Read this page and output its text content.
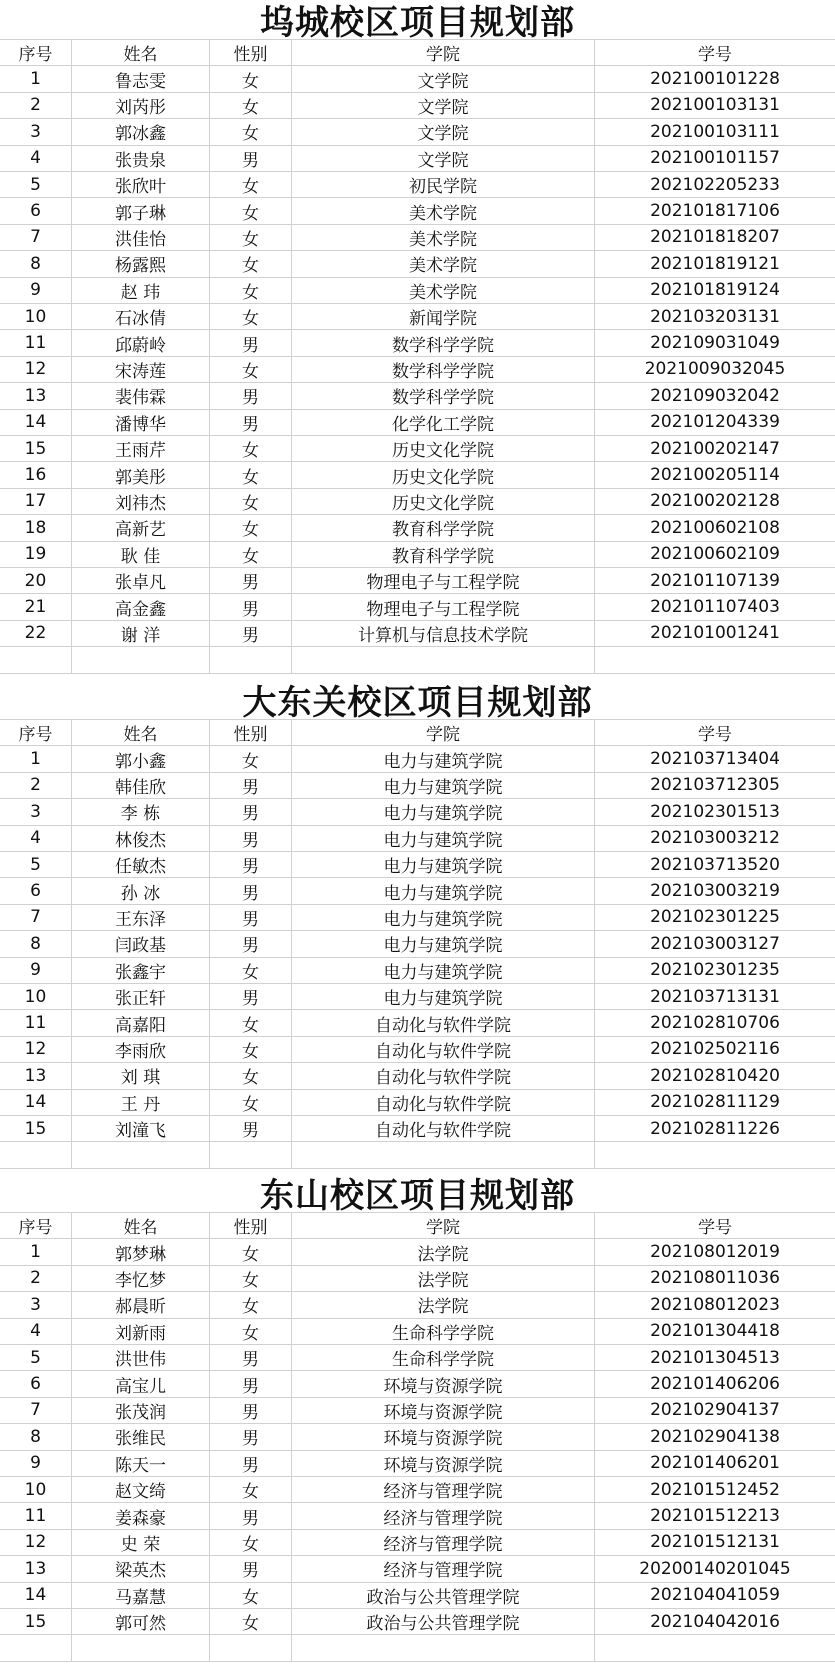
坞城校区项目规划部
序号	姓名	性别	学院	学号
1	鲁志雯	女	文学院	202100101228
2	刘芮彤	女	文学院	202100103131
3	郭冰鑫	女	文学院	202100103111
4	张贵泉	男	文学院	202100101157
5	张欣叶	女	初民学院	202102205233
6	郭子琳	女	美术学院	202101817106
7	洪佳怡	女	美术学院	202101818207
8	杨露熙	女	美术学院	202101819121
9	赵 玮	女	美术学院	202101819124
10	石冰倩	女	新闻学院	202103203131
11	邱蔚岭	男	数学科学学院	202109031049
12	宋涛莲	女	数学科学学院	2021009032045
13	裴伟霖	男	数学科学学院	202109032042
14	潘博华	男	化学化工学院	202101204339
15	王雨芹	女	历史文化学院	202100202147
16	郭美彤	女	历史文化学院	202100205114
17	刘祎杰	女	历史文化学院	202100202128
18	高新艺	女	教育科学学院	202100602108
19	耿 佳	女	教育科学学院	202100602109
20	张卓凡	男	物理电子与工程学院	202101107139
21	高金鑫	男	物理电子与工程学院	202101107403
22	谢 洋	男	计算机与信息技术学院	202101001241
大东关校区项目规划部
序号	姓名	性别	学院	学号
1	郭小鑫	女	电力与建筑学院	202103713404
2	韩佳欣	男	电力与建筑学院	202103712305
3	李 栋	男	电力与建筑学院	202102301513
4	林俊杰	男	电力与建筑学院	202103003212
5	任敏杰	男	电力与建筑学院	202103713520
6	孙 冰	男	电力与建筑学院	202103003219
7	王东泽	男	电力与建筑学院	202102301225
8	闫政基	男	电力与建筑学院	202103003127
9	张鑫宇	女	电力与建筑学院	202102301235
10	张正轩	男	电力与建筑学院	202103713131
11	高嘉阳	女	自动化与软件学院	202102810706
12	李雨欣	女	自动化与软件学院	202102502116
13	刘 琪	女	自动化与软件学院	202102810420
14	王 丹	女	自动化与软件学院	202102811129
15	刘潼飞	男	自动化与软件学院	202102811226
东山校区项目规划部
序号	姓名	性别	学院	学号
1	郭梦琳	女	法学院	202108012019
2	李忆梦	女	法学院	202108011036
3	郝晨昕	女	法学院	202108012023
4	刘新雨	女	生命科学学院	202101304418
5	洪世伟	男	生命科学学院	202101304513
6	高宝儿	男	环境与资源学院	202101406206
7	张茂润	男	环境与资源学院	202102904137
8	张维民	男	环境与资源学院	202102904138
9	陈天一	男	环境与资源学院	202101406201
10	赵文绮	女	经济与管理学院	202101512452
11	姜森豪	男	经济与管理学院	202101512213
12	史 荣	女	经济与管理学院	202101512131
13	梁英杰	男	经济与管理学院	20200140201045
14	马嘉慧	女	政治与公共管理学院	202104041059
15	郭可然	女	政治与公共管理学院	202104042016
